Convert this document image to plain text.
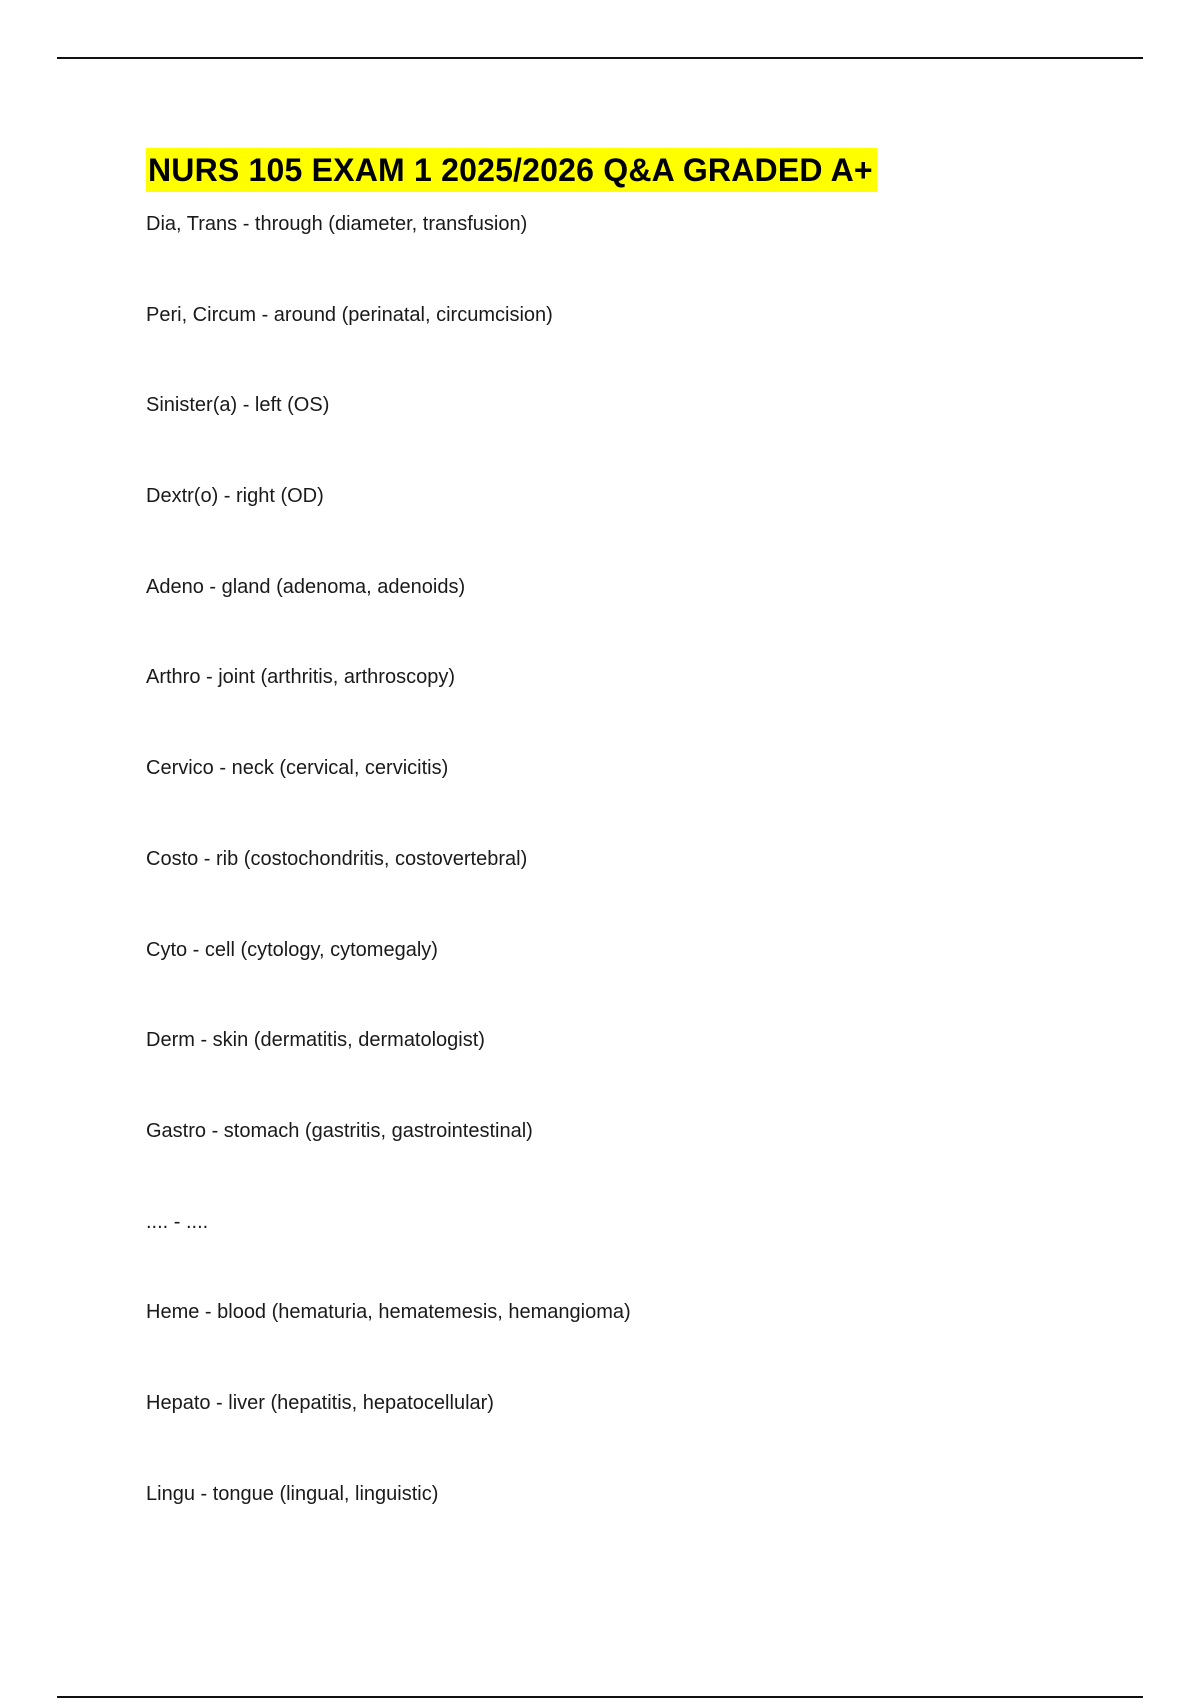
NURS 105 EXAM 1 2025/2026 Q&A GRADED A+
Dia, Trans - through (diameter, transfusion)
Peri, Circum - around (perinatal, circumcision)
Sinister(a) - left (OS)
Dextr(o) - right (OD)
Adeno - gland (adenoma, adenoids)
Arthro - joint (arthritis, arthroscopy)
Cervico - neck (cervical, cervicitis)
Costo - rib (costochondritis, costovertebral)
Cyto - cell (cytology, cytomegaly)
Derm - skin (dermatitis, dermatologist)
Gastro - stomach (gastritis, gastrointestinal)
.... - ....
Heme - blood (hematuria, hematemesis, hemangioma)
Hepato - liver (hepatitis, hepatocellular)
Lingu - tongue (lingual, linguistic)
